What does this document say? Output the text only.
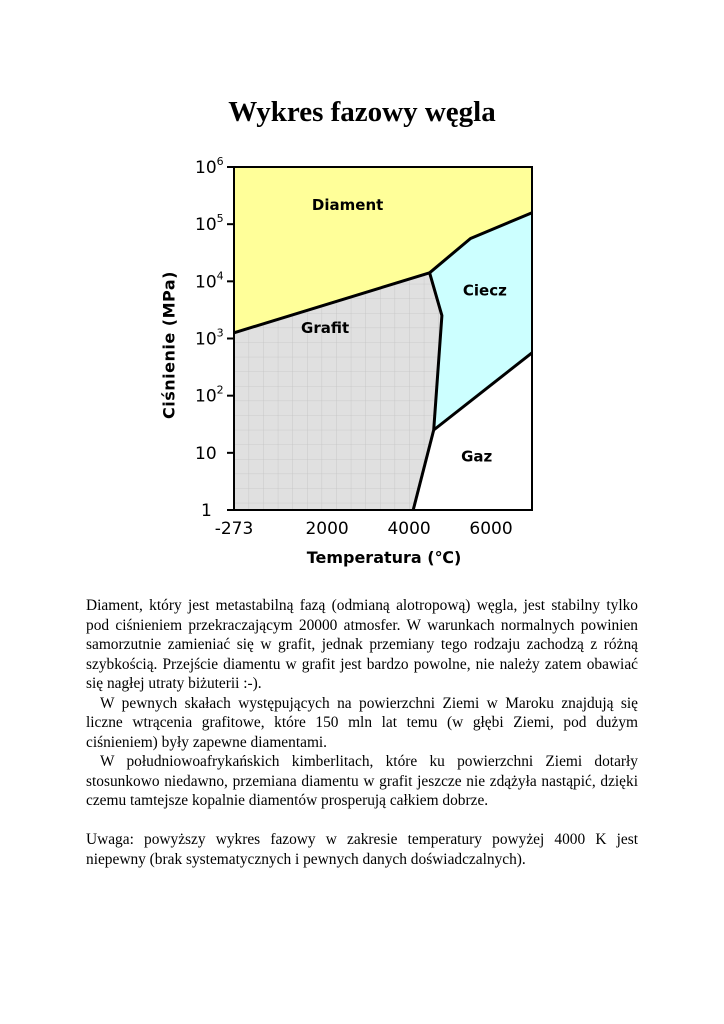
Wykres fazowy węgla
-273	2000 4000 6000
1
10
$10^2$
$10^3$
$10^4$
$10^5$
$10^6$
Diament
Grafit
Ciecz
Gaz
Ciśnienie (MPa)
Temperatura (℃)

Diament, który jest metastabilną fazą (odmianą alotropową) węgla, jest stabilny tylko pod ciśnieniem przekraczającym 20000 atmosfer. W warunkach normalnych powinien samorzutnie zamieniać się w grafit, jednak przemiany tego rodzaju zachodzą z różną szybkością. Przejście diamentu w grafit jest bardzo powolne, nie należy zatem obawiać się nagłej utraty biżuterii :-).

W pewnych skałach występujących na powierzchni Ziemi w Maroku znajdują się liczne wtrącenia grafitowe, które 150 mln lat temu (w głębi Ziemi, pod dużym ciśnieniem) były zapewne diamentami.

W południowoafrykańskich kimberlitach, które ku powierzchni Ziemi dotarły stosunkowo niedawno, przemiana diamentu w grafit jeszcze nie zdążyła nastąpić, dzięki czemu tamtejsze kopalnie diamentów prosperują całkiem dobrze.

Uwaga: powyższy wykres fazowy w zakresie temperatury powyżej 4000 K jest niepewny (brak systematycznych i pewnych danych doświadczalnych).
